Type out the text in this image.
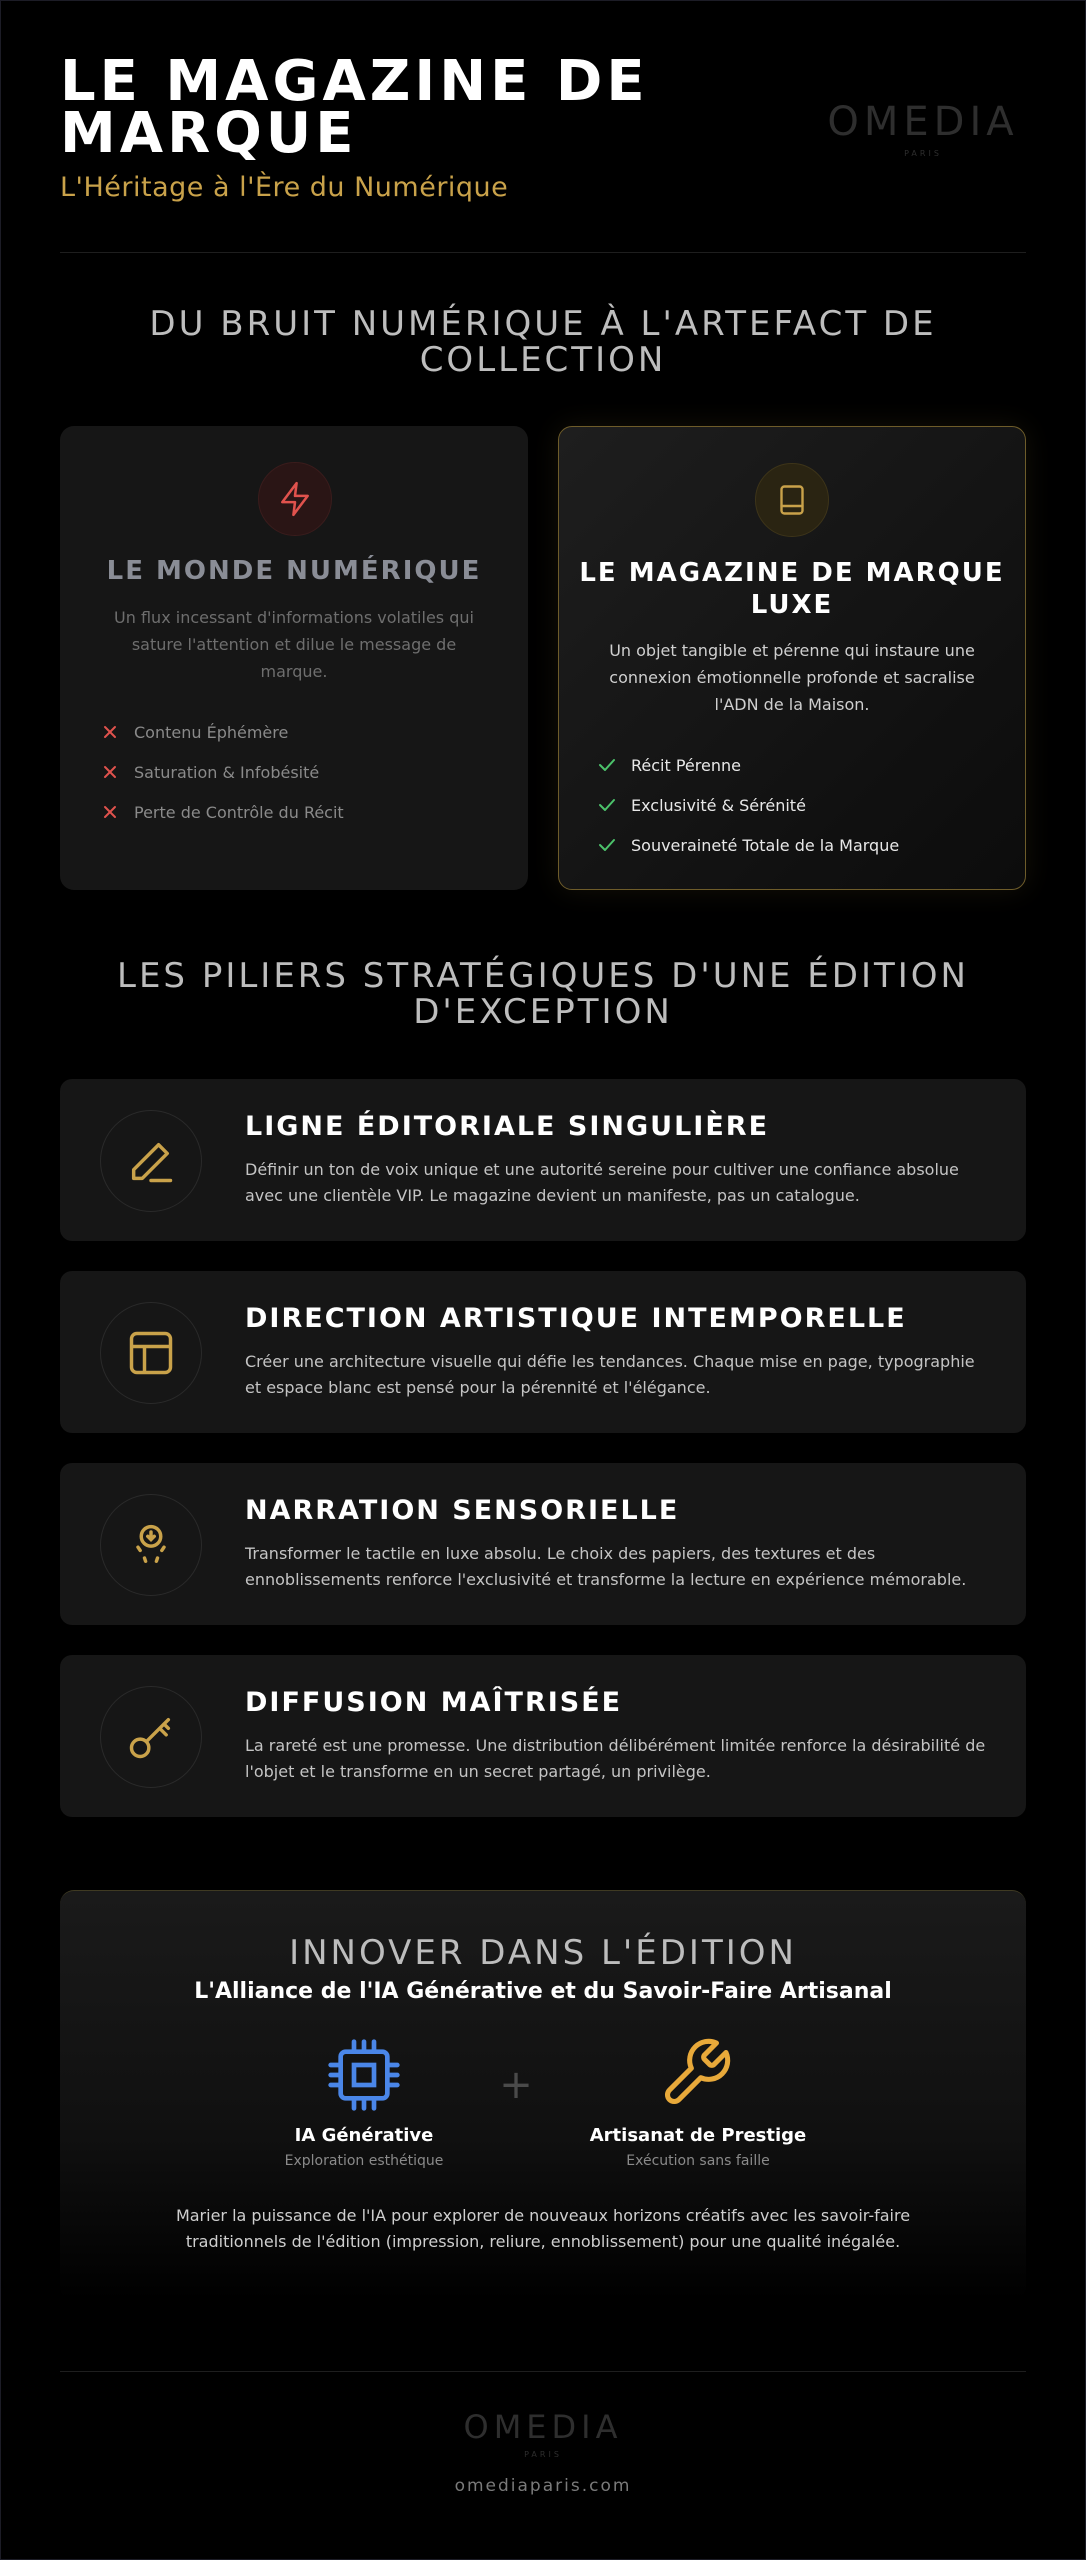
LE MAGAZINE DE MARQUE
L'Héritage à l'Ère du Numérique
OMEDIA
PARIS
DU BRUIT NUMÉRIQUE À L'ARTEFACT DE COLLECTION
LE MONDE NUMÉRIQUE
Un flux incessant d'informations volatiles qui sature l'attention et dilue le message de marque.
Contenu Éphémère
Saturation & Infobésité
Perte de Contrôle du Récit
LE MAGAZINE DE MARQUE LUXE
Un objet tangible et pérenne qui instaure une connexion émotionnelle profonde et sacralise l'ADN de la Maison.
Récit Pérenne
Exclusivité & Sérénité
Souveraineté Totale de la Marque
LES PILIERS STRATÉGIQUES D'UNE ÉDITION D'EXCEPTION
LIGNE ÉDITORIALE SINGULIÈRE
Définir un ton de voix unique et une autorité sereine pour cultiver une confiance absolue avec une clientèle VIP. Le magazine devient un manifeste, pas un catalogue.
DIRECTION ARTISTIQUE INTEMPORELLE
Créer une architecture visuelle qui défie les tendances. Chaque mise en page, typographie et espace blanc est pensé pour la pérennité et l'élégance.
NARRATION SENSORIELLE
Transformer le tactile en luxe absolu. Le choix des papiers, des textures et des ennoblissements renforce l'exclusivité et transforme la lecture en expérience mémorable.
DIFFUSION MAÎTRISÉE
La rareté est une promesse. Une distribution délibérément limitée renforce la désirabilité de l'objet et le transforme en un secret partagé, un privilège.
INNOVER DANS L'ÉDITION
L'Alliance de l'IA Générative et du Savoir-Faire Artisanal
IA Générative
Exploration esthétique
+
Artisanat de Prestige
Exécution sans faille
Marier la puissance de l'IA pour explorer de nouveaux horizons créatifs avec les savoir-faire traditionnels de l'édition (impression, reliure, ennoblissement) pour une qualité inégalée.
OMEDIA
PARIS
omediaparis.com
